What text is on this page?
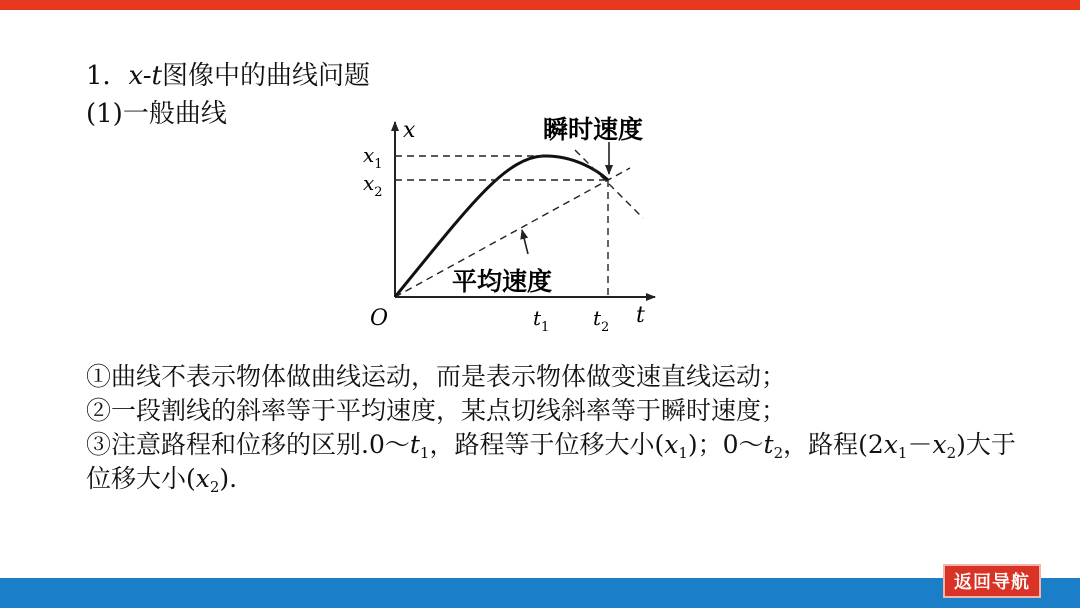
1．x-t图像中的曲线问题
(1)一般曲线
瞬时速度
平均速度
O
x
t
$x_1$
$x_2$
$t_1$ $t_2$
①曲线不表示物体做曲线运动，而是表示物体做变速直线运动；
②一段割线的斜率等于平均速度，某点切线斜率等于瞬时速度；
③注意路程和位移的区别$.0\sim t_1$，路程等于位移大小$(x_1)$；$0\sim t_2$，路程$(2x_1-x_2)$大于位移大小$(x_2)$.
返回导航
